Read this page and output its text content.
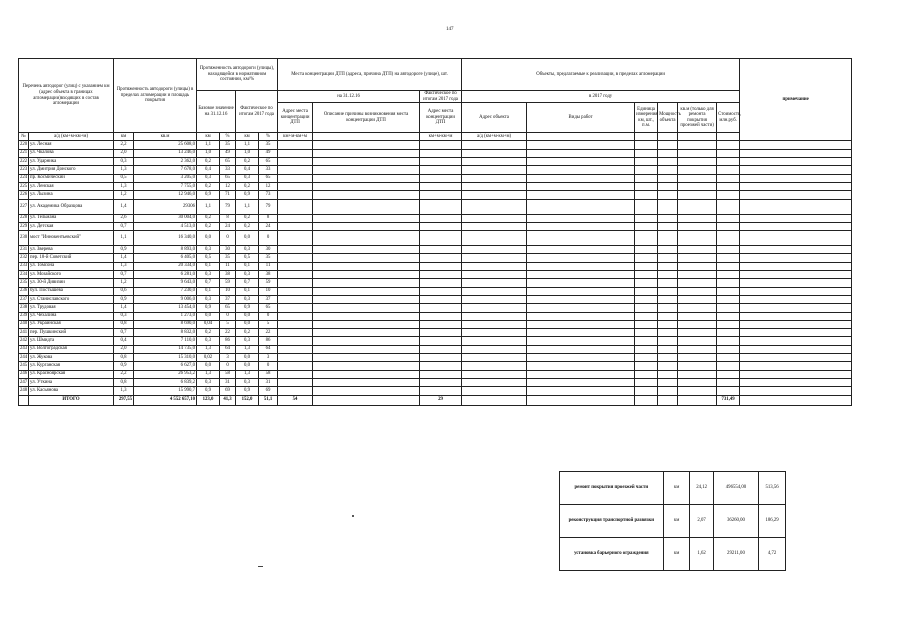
147
Перечень автодорог (улиц) с указанием км (адрес объекта в границах агломерации)входящих в состав агломерации		Протяженность автодороги (улицы) в пределах агломерации и площадь покрытия		Протяженность автодороги (улицы), находящейся в нормативном состоянии, км/%				Места концентрации ДТП (адреса, причина ДТП) на автодороге (улице), шт.			Объекты, предлагаемые к реализации, в пределах агломерации						примечание
				Базовое значение на 31.12.16		Фактическое по итогам 2017 года		на 31.12.16		Фактическое по итогам 2017 года	в 2017 году						
								Адрес места концентрации ДТП	Описание причины возникновения места концентрации ДТП	Адрес места концентрации ДТП	Адрес объекта	Виды работ	Единица измерения км, шт., п.м.	Мощность объекта	кв.м (только для ремонта покрытия проезжей части)	Стоимость, млн.руб.	
№	а/д (км+м-км+м)	км	кв.м	км	%	км	%	км+м-км+м		км+м-км+м	а/д (км+м-км+м)						
220	ул. Лесная	2,2	25 608,0	1,1	35	1,1	35										
221	ул. Чкалова	2,0	13 246,0	1,0	49	1,0	49										
222	ул. Ударника	0,3	2 362,0	0,2	65	0,2	65										
223	ул. Дмитрия Донского	1,3	7 678,0	0,4	33	0,4	33										
224	пр. Космический	0,5	3 205,0	0,3	65	0,3	65										
225	ул. Ленская	1,3	7 755,0	0,2	12	0,2	12										
226	ул. Лызина	1,2	12 946,0	0,9	71	0,9	73										
227	ул. Академика Образцова	1,4	29306	1,1	79	1,1	79										
228	ул. Тельмана	2,6	30 004,0	0,2	8	0,2	8										
229	ул. Детская	0,7	4 513,0	0,2	24	0,2	24										
230	мост "Иннокентьевский"	1,1	16 340,0	0,0	0	0,0	0										
231	ул. Зверева	0,9	8 893,0	0,3	30	0,3	30										
232	пер. 18-й Советский	1,4	6 405,0	0,5	35	0,5	35										
233	ул. Томсона	1,3	20 334,0	0,1	11	0,1	11										
234	ул. Мозайского	0,7	6 281,0	0,3	38	0,3	38										
235	ул. 30-й Дивизии	1,2	9 643,0	0,7	59	0,7	59										
236	бул. Постышева	0,6	7 230,0	0,1	10	0,1	10										
237	ул. Станиславского	0,9	9 006,0	0,3	37	0,3	37										
238	ул. Трудовая	1,4	13 454,0	0,9	65	0,9	65										
239	ул. Чехалина	0,3	1 273,0	0,0	0	0,0	0										
240	ул. Украинская	0,8	8 690,0	0,04	5	0,0	5										
241	пер. Пушкинский	0,7	8 832,0	0,2	22	0,2	22										
242	ул. Шмидта	0,4	7 110,0	0,3	86	0,3	86										
243	ул. Волгоградская	2,0	14 735,0	1,3	64	1,3	64										
244	ул. Жукова	0,8	15 310,0	0,02	3	0,0	3										
245	ул. Курганская	0,9	6 627,0	0,0	0	0,0	0										
246	ул. Красноярская	2,2	26 953,2	1,3	58	1,3	58										
247	ул. Уткина	0,8	6 839,2	0,3	31	0,3	31										
248	ул. Касьянова	1,3	15 990,7	0,9	69	0,9	69										
	ИТОГО	297,55	4 552 657,10	123,0	41,3	152,0	51,1	54		29						731,49	
ремонт покрытия проезжей части	км	24,12	496554,00	513,56
реконструкция транспортной развязки	км	2,07	36260,00	186,29
установка барьерного ограждения	км	1,62	29211,00	4,72
